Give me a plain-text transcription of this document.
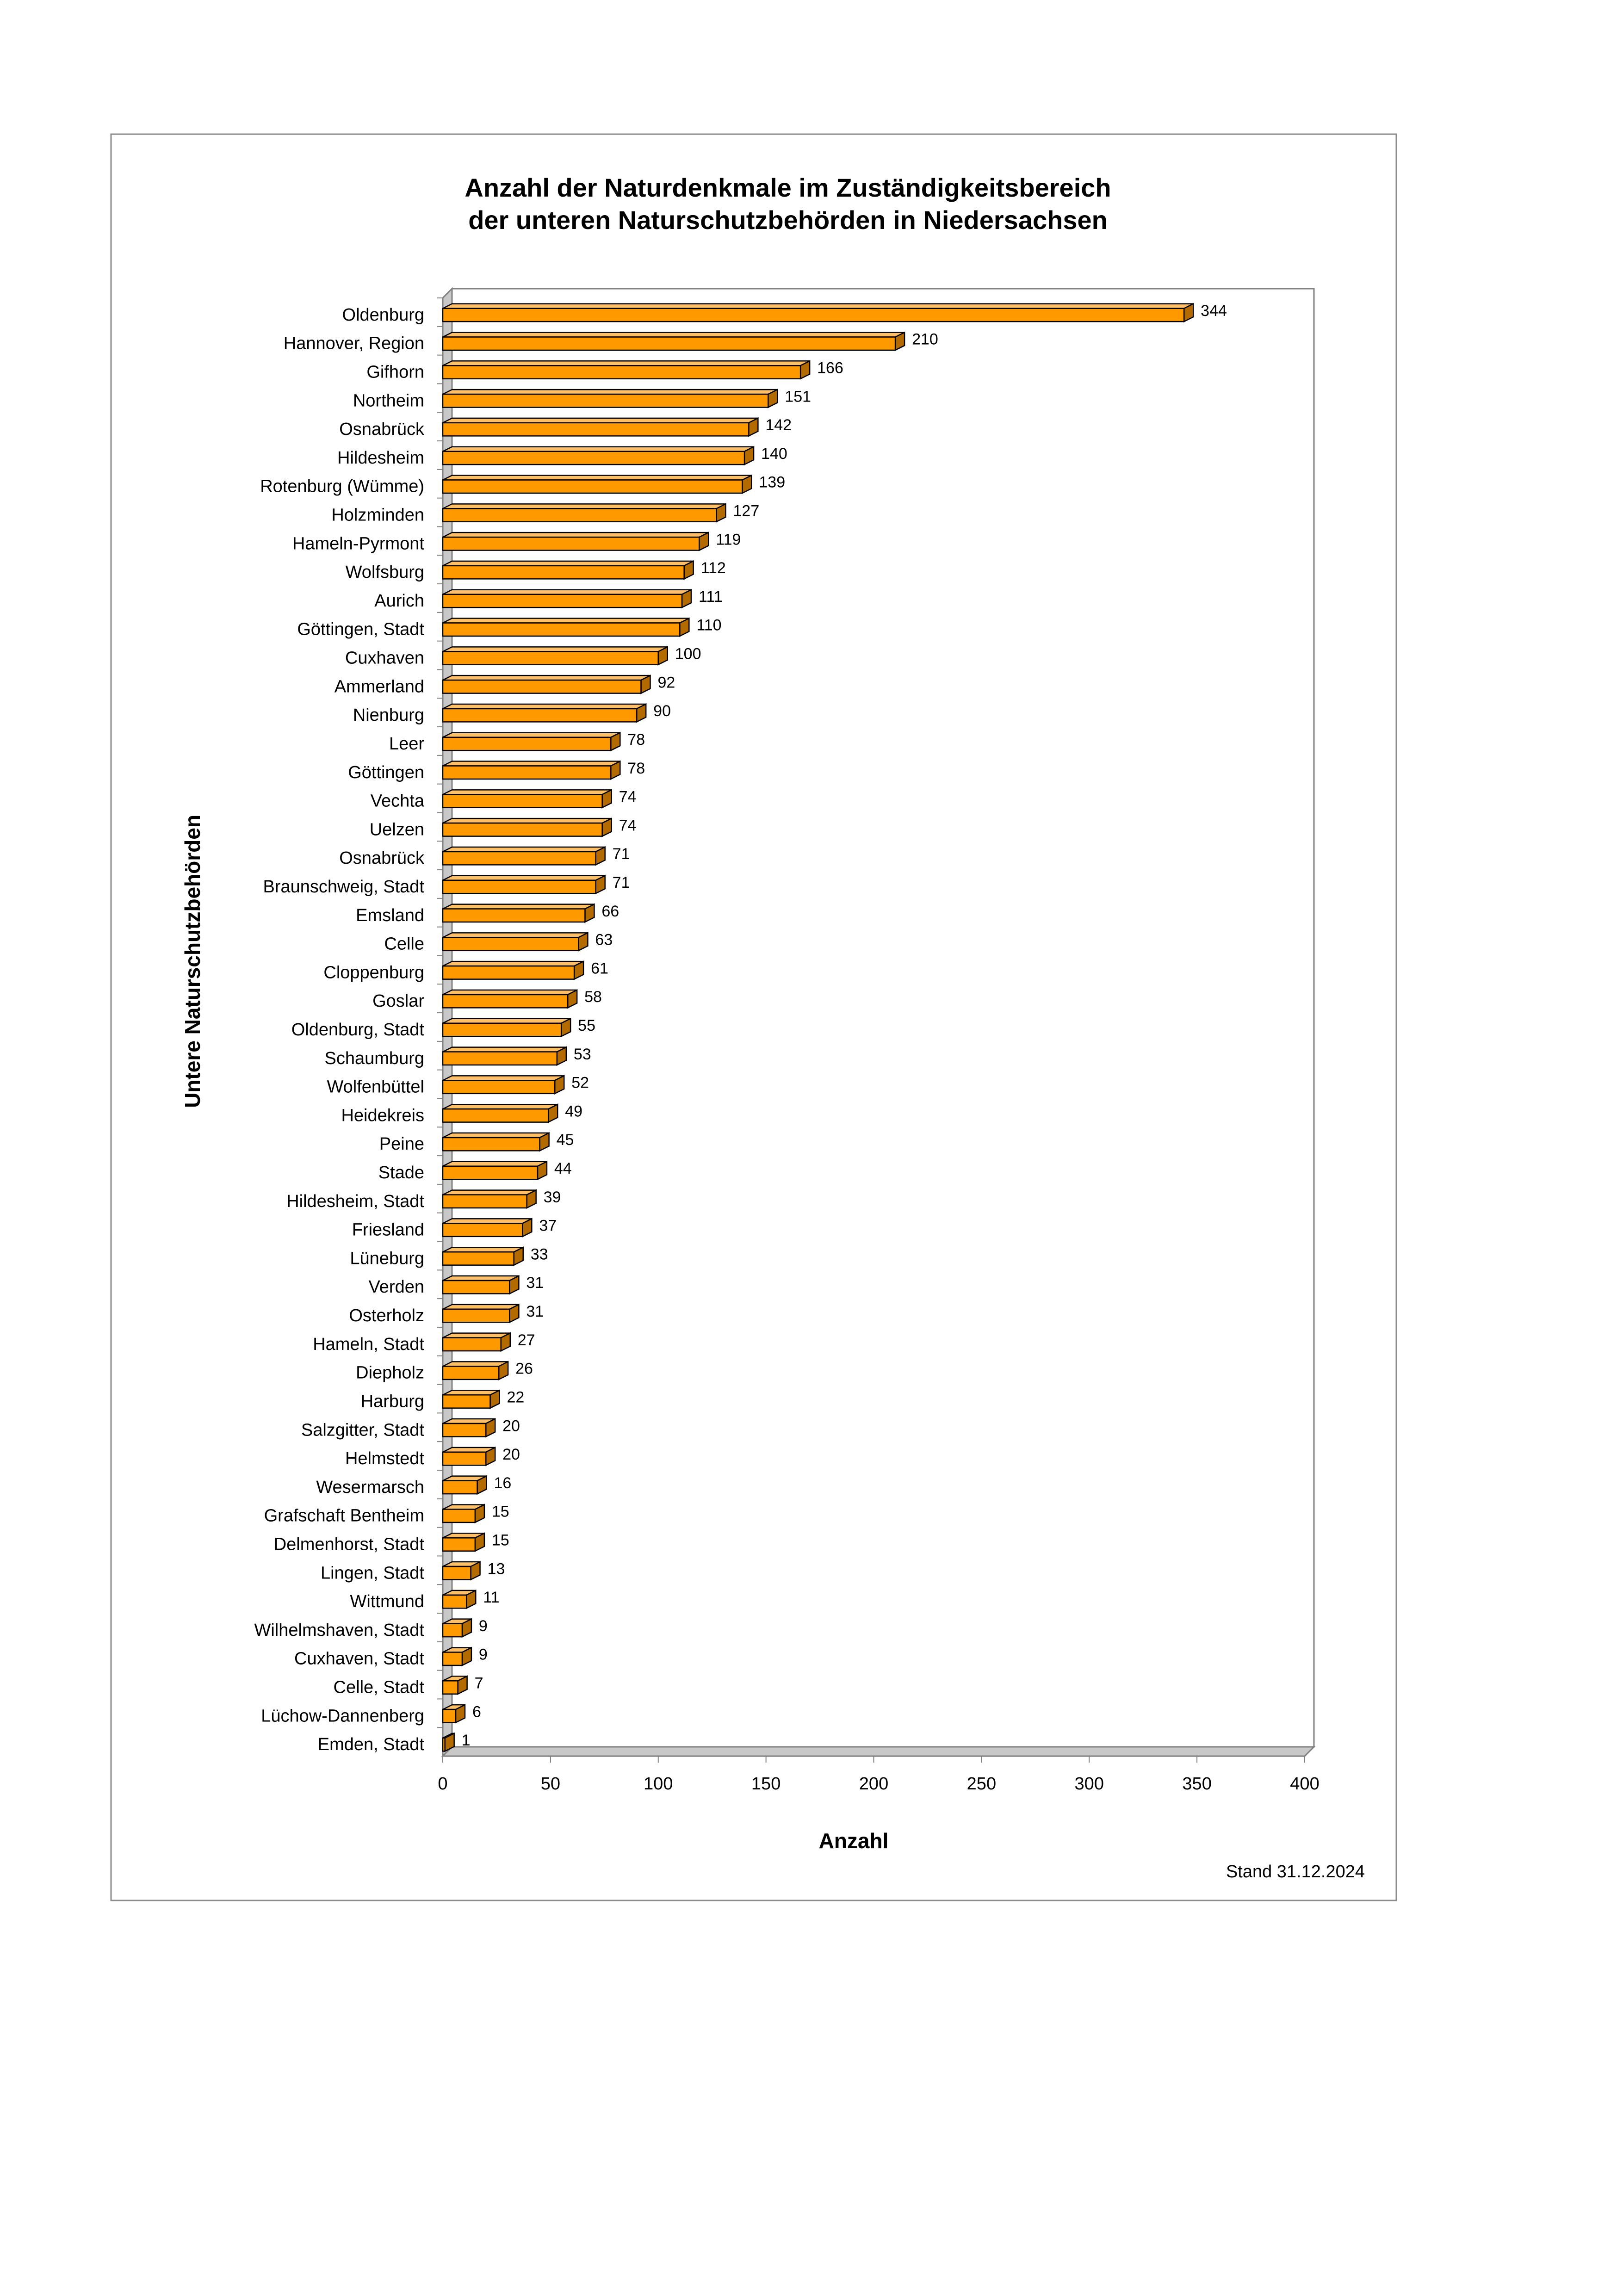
Anzahl der Naturdenkmale im Zuständigkeitsbereich
der unteren Naturschutzbehörden in Niedersachsen
Oldenburg
Hannover, Region
Gifhorn
Northeim
Osnabrück
Hildesheim
Rotenburg (Wümme)
Holzminden
Hameln-Pyrmont
Wolfsburg
Aurich
Göttingen, Stadt
Cuxhaven
Ammerland
Nienburg
Leer
Göttingen
Vechta
Uelzen
Osnabrück
Braunschweig, Stadt
Emsland
Celle
Cloppenburg
Goslar
Oldenburg, Stadt
Schaumburg
Wolfenbüttel
Heidekreis
Peine
Stade
Hildesheim, Stadt
Friesland
Lüneburg
Verden
Osterholz
Hameln, Stadt
Diepholz
Harburg
Salzgitter, Stadt
Helmstedt
Wesermarsch
Grafschaft Bentheim
Delmenhorst, Stadt
Lingen, Stadt
Wittmund
Wilhelmshaven, Stadt
Cuxhaven, Stadt
Celle, Stadt
Lüchow-Dannenberg
Emden, Stadt
0	50	100	150	200	250	300	350	400
344
210
166
151
142
140
139
127
119
112
111
110
100
92
90
78
78
74
74
71
71
66
63
61
58
55
53
52
49
45
44
39
37
33
31
31
27
26
22
20
20
16
15
15
13
11
9
9
7
6
1
Anzahl
Untere Naturschutzbehörden
Stand 31.12.2024
